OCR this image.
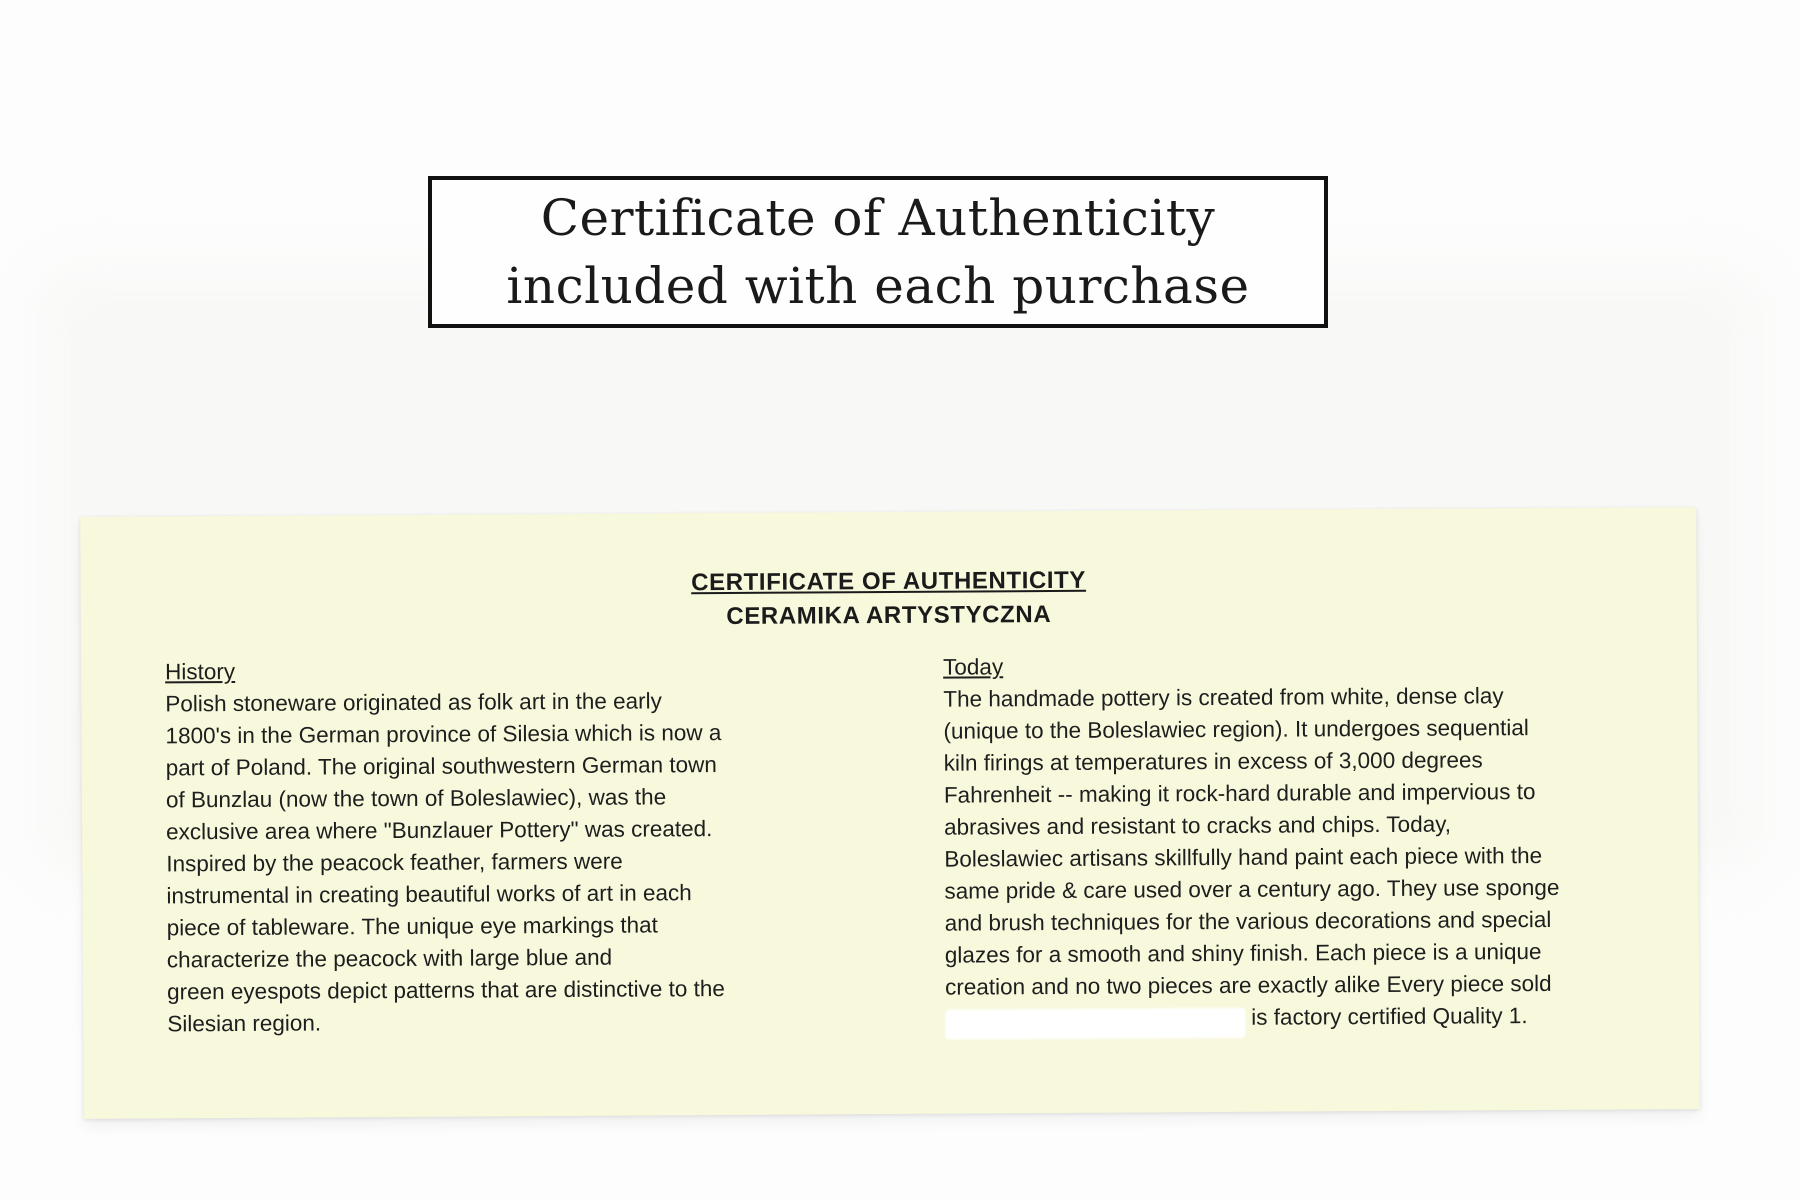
Certificate of Authenticity
included with each purchase
CERTIFICATE OF AUTHENTICITY
CERAMIKA ARTYSTYCZNA
History
Polish stoneware originated as folk art in the early
1800's in the German province of Silesia which is now a
part of Poland. The original southwestern German town
of Bunzlau (now the town of Boleslawiec), was the
exclusive area where "Bunzlauer Pottery" was created.
Inspired by the peacock feather, farmers were
instrumental in creating beautiful works of art in each
piece of tableware. The unique eye markings that
characterize the peacock with large blue and
green eyespots depict patterns that are distinctive to the
Silesian region.
Today
The handmade pottery is created from white, dense clay
(unique to the Boleslawiec region). It undergoes sequential
kiln firings at temperatures in excess of 3,000 degrees
Fahrenheit -- making it rock-hard durable and impervious to
abrasives and resistant to cracks and chips. Today,
Boleslawiec artisans skillfully hand paint each piece with the
same pride & care used over a century ago. They use sponge
and brush techniques for the various decorations and special
glazes for a smooth and shiny finish. Each piece is a unique
creation and no two pieces are exactly alike Every piece sold
is factory certified Quality 1.
